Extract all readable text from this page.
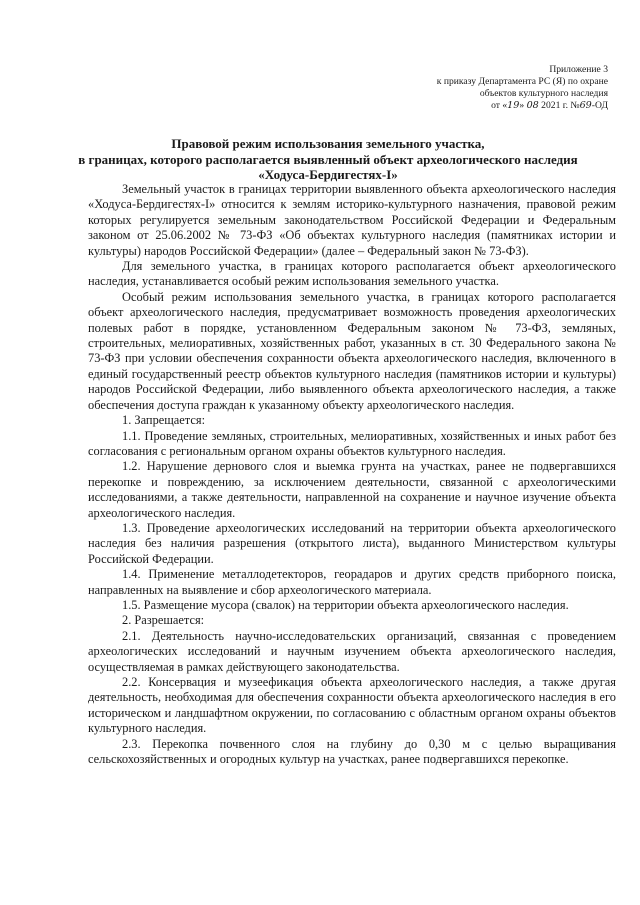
Приложение 3
к приказу Департамента РС (Я) по охране
объектов культурного наследия
от «19» 08 2021 г. №69-ОД
Правовой режим использования земельного участка,
в границах, которого располагается выявленный объект археологического наследия
«Ходуса-Бердигестях-I»

Земельный участок в границах территории выявленного объекта археологического наследия «Ходуса-Бердигестях-I» относится к землям историко-культурного назначения, правовой режим которых регулируется земельным законодательством Российской Федерации и Федеральным законом от 25.06.2002 № 73-ФЗ «Об объектах культурного наследия (памятниках истории и культуры) народов Российской Федерации» (далее – Федеральный закон № 73-ФЗ).

Для земельного участка, в границах которого располагается объект археологического наследия, устанавливается особый режим использования земельного участка.

Особый режим использования земельного участка, в границах которого располагается объект археологического наследия, предусматривает возможность проведения археологических полевых работ в порядке, установленном Федеральным законом № 73-ФЗ, земляных, строительных, мелиоративных, хозяйственных работ, указанных в ст. 30 Федерального закона № 73-ФЗ при условии обеспечения сохранности объекта археологического наследия, включенного в единый государственный реестр объектов культурного наследия (памятников истории и культуры) народов Российской Федерации, либо выявленного объекта археологического наследия, а также обеспечения доступа граждан к указанному объекту археологического наследия.

1. Запрещается:

1.1. Проведение земляных, строительных, мелиоративных, хозяйственных и иных работ без согласования с региональным органом охраны объектов культурного наследия.

1.2. Нарушение дернового слоя и выемка грунта на участках, ранее не подвергавшихся перекопке и повреждению, за исключением деятельности, связанной с археологическими исследованиями, а также деятельности, направленной на сохранение и научное изучение объекта археологического наследия.

1.3. Проведение археологических исследований на территории объекта археологического наследия без наличия разрешения (открытого листа), выданного Министерством культуры Российской Федерации.

1.4. Применение металлодетекторов, георадаров и других средств приборного поиска, направленных на выявление и сбор археологического материала.

1.5. Размещение мусора (свалок) на территории объекта археологического наследия.

2. Разрешается:

2.1. Деятельность научно-исследовательских организаций, связанная с проведением археологических исследований и научным изучением объекта археологического наследия, осуществляемая в рамках действующего законодательства.

2.2. Консервация и музеефикация объекта археологического наследия, а также другая деятельность, необходимая для обеспечения сохранности объекта археологического наследия в его историческом и ландшафтном окружении, по согласованию с областным органом охраны объектов культурного наследия.

2.3. Перекопка почвенного слоя на глубину до 0,30 м с целью выращивания сельскохозяйственных и огородных культур на участках, ранее подвергавшихся перекопке.
